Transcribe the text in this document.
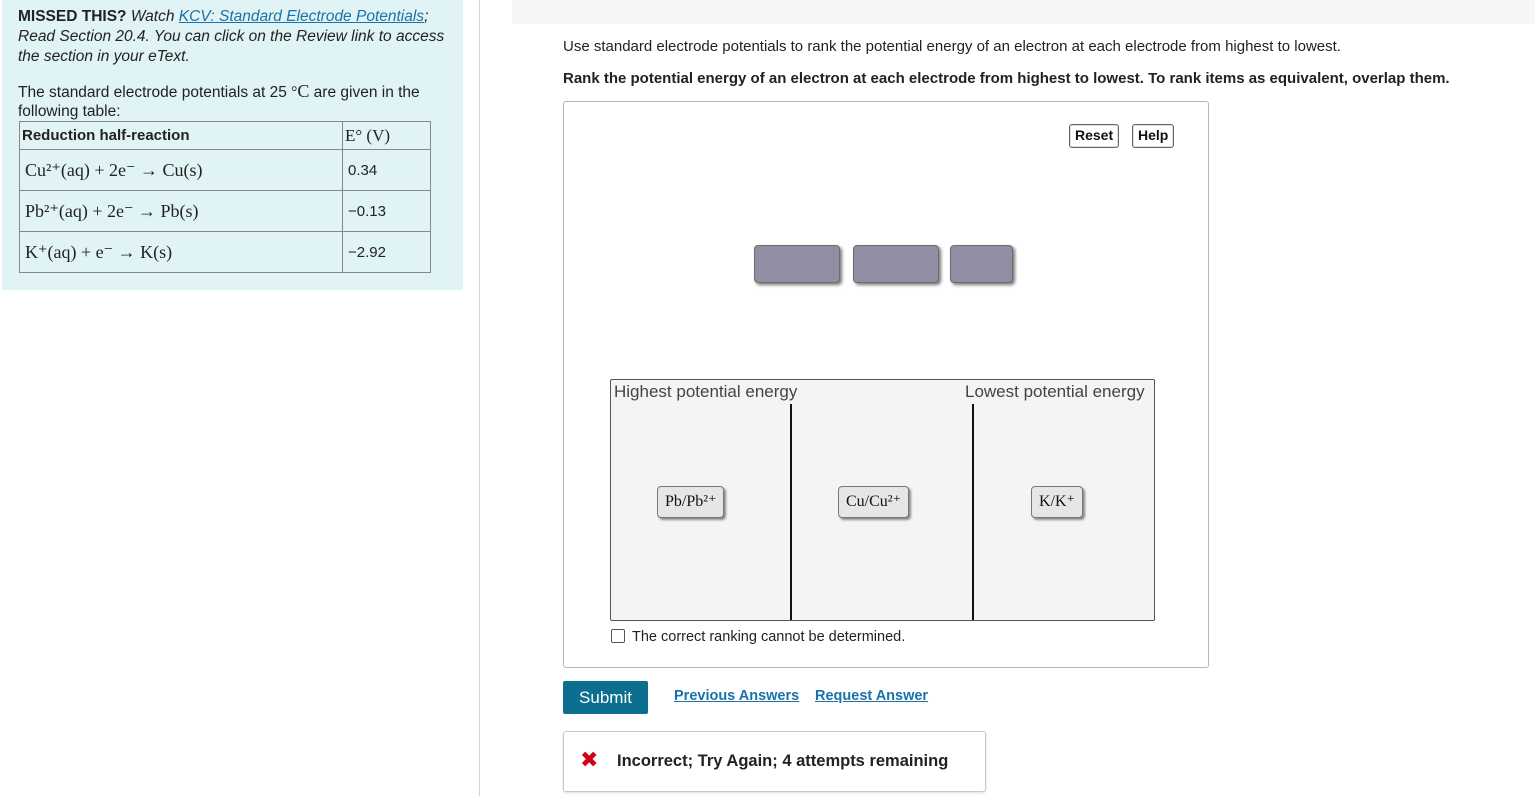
MISSED THIS? Watch KCV: Standard Electrode Potentials; Read Section 20.4. You can click on the Review link to access the section in your eText.
The standard electrode potentials at 25 °C are given in the following table:
Reduction half-reaction	E° (V)
Cu²⁺(aq) + 2e⁻ → Cu(s)	0.34
Pb²⁺(aq) + 2e⁻ → Pb(s)	−0.13
K⁺(aq) + e⁻ → K(s)	−2.92
Use standard electrode potentials to rank the potential energy of an electron at each electrode from highest to lowest.
Rank the potential energy of an electron at each electrode from highest to lowest. To rank items as equivalent, overlap them.
Reset	Help
Highest potential energy	Lowest potential energy
Pb/Pb²⁺	Cu/Cu²⁺	K/K⁺
The correct ranking cannot be determined.
Submit	Previous Answers Request Answer
✖ Incorrect; Try Again; 4 attempts remaining
